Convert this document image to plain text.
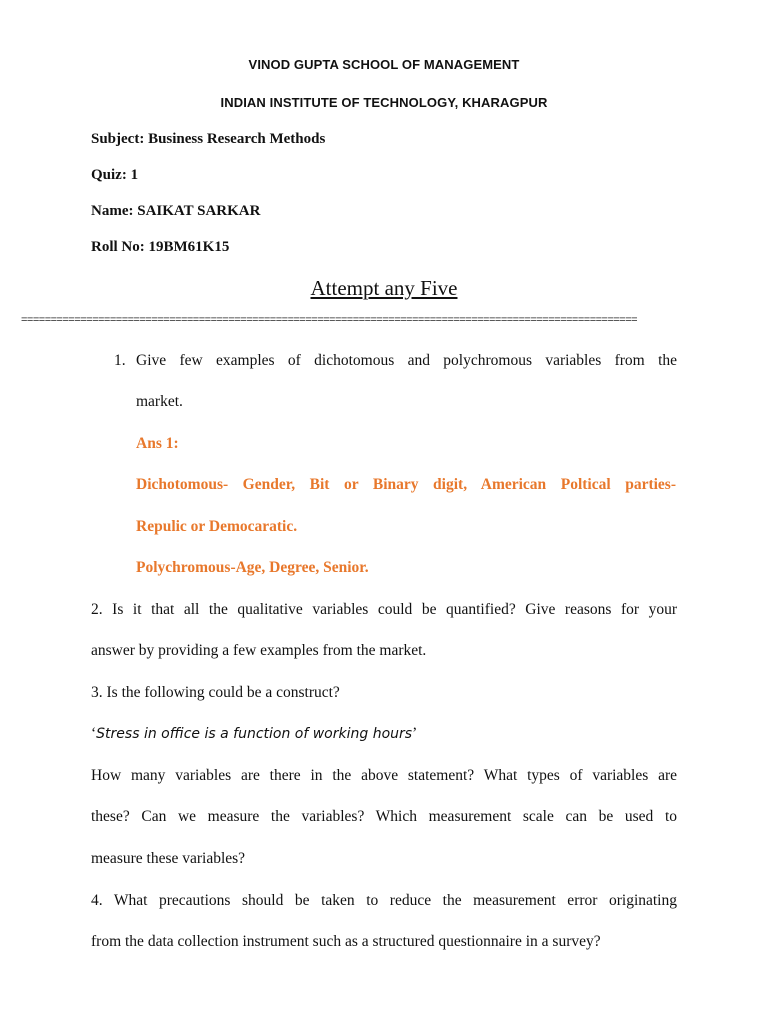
VINOD GUPTA SCHOOL OF MANAGEMENT
INDIAN INSTITUTE OF TECHNOLOGY, KHARAGPUR
Subject: Business Research Methods
Quiz: 1
Name: SAIKAT SARKAR
Roll No: 19BM61K15
Attempt any Five
========================================================================================================
1. Give few examples of dichotomous and polychromous variables from the
market.
Ans 1:
Dichotomous- Gender, Bit or Binary digit, American Poltical parties-
Repulic or Democaratic.
Polychromous-Age, Degree, Senior.
2. Is it that all the qualitative variables could be quantified? Give reasons for your
answer by providing a few examples from the market.
3. Is the following could be a construct?
‘Stress in office is a function of working hours’
How many variables are there in the above statement? What types of variables are
these? Can we measure the variables? Which measurement scale can be used to
measure these variables?
4. What precautions should be taken to reduce the measurement error originating
from the data collection instrument such as a structured questionnaire in a survey?
